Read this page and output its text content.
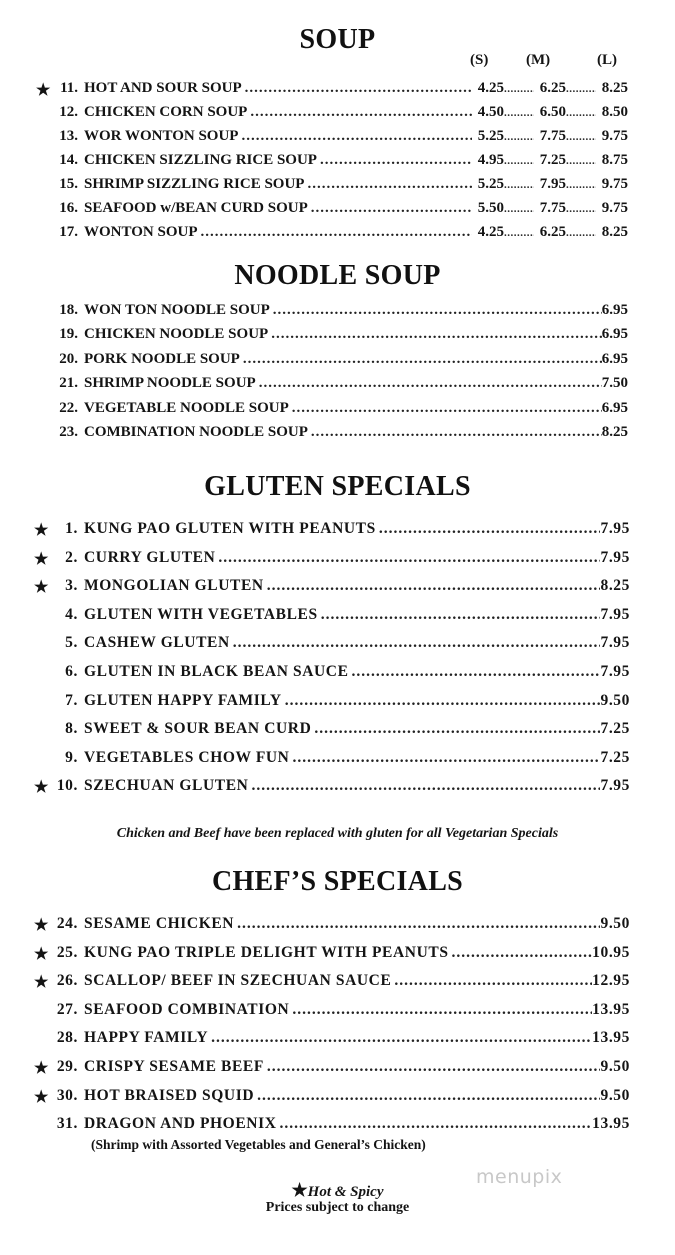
SOUP
(S)	(M)	(L)
★ 11. HOT AND SOUR SOUP .....	4.25 .....	6.25 .....	8.25
12. CHICKEN CORN SOUP .....	4.50 .....	6.50 .....	8.50
13. WOR WONTON SOUP .....	5.25 .....	7.75 .....	9.75
14. CHICKEN SIZZLING RICE SOUP .....	4.95 .....	7.25 .....	8.75
15. SHRIMP SIZZLING RICE SOUP .....	5.25 .....	7.95 .....	9.75
16. SEAFOOD w/BEAN CURD SOUP .....	5.50 .....	7.75 .....	9.75
17. WONTON SOUP .....	4.25 .....	6.25 .....	8.25
NOODLE SOUP
18. WON TON NOODLE SOUP .....	6.95
19. CHICKEN NOODLE SOUP .....	6.95
20. PORK NOODLE SOUP .....	6.95
21. SHRIMP NOODLE SOUP .....	7.50
22. VEGETABLE NOODLE SOUP .....	6.95
23. COMBINATION NOODLE SOUP .....	8.25
GLUTEN SPECIALS
★	1. KUNG PAO GLUTEN WITH PEANUTS .....	7.95
★	2. CURRY GLUTEN .....	7.95
★	3. MONGOLIAN GLUTEN .....	8.25
4. GLUTEN WITH VEGETABLES .....	7.95
5. CASHEW GLUTEN .....	7.95
6. GLUTEN IN BLACK BEAN SAUCE .....	7.95
7. GLUTEN HAPPY FAMILY .....	9.50
8. SWEET & SOUR BEAN CURD .....	7.25
9. VEGETABLES CHOW FUN .....	7.25
★ 10. SZECHUAN GLUTEN .....	7.95
Chicken and Beef have been replaced with gluten for all Vegetarian Specials
CHEF’S SPECIALS
★ 24. SESAME CHICKEN .....	9.50
★ 25. KUNG PAO TRIPLE DELIGHT WITH PEANUTS .....	10.95
★ 26. SCALLOP/ BEEF IN SZECHUAN SAUCE .....	12.95
27. SEAFOOD COMBINATION .....	13.95
28. HAPPY FAMILY .....	13.95
★ 29. CRISPY SESAME BEEF .....	9.50
★ 30. HOT BRAISED SQUID .....	9.50
31. DRAGON AND PHOENIX .....	13.95
(Shrimp with Assorted Vegetables and General’s Chicken)
★Hot & Spicy
Prices subject to change
menupix
